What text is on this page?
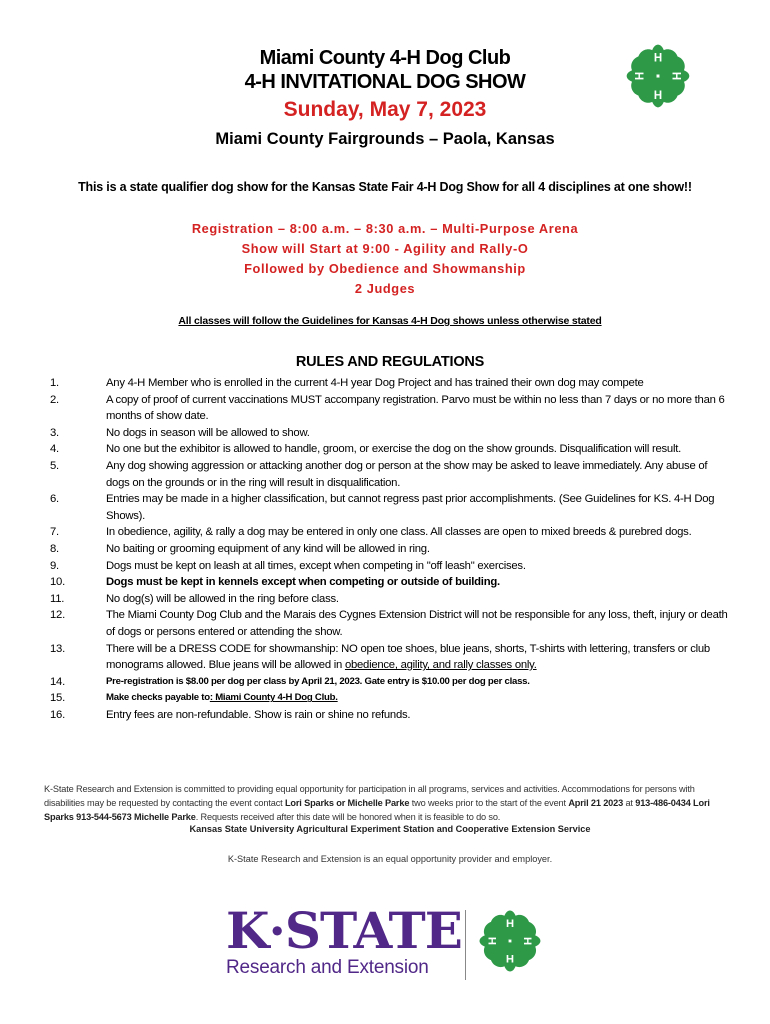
Miami County 4-H Dog Club
4-H INVITATIONAL DOG SHOW
Sunday, May 7, 2023
Miami County Fairgrounds – Paola, Kansas
H
H
H
H
This is a state qualifier dog show for the Kansas State Fair 4-H Dog Show for all 4 disciplines at one show!!
Registration – 8:00 a.m. – 8:30 a.m. – Multi-Purpose Arena
Show will Start at 9:00 - Agility and Rally-O
Followed by Obedience and Showmanship
2 Judges
All classes will follow the Guidelines for Kansas 4-H Dog shows unless otherwise stated
RULES AND REGULATIONS
1.	Any 4-H Member who is enrolled in the current 4-H year Dog Project and has trained their own dog may compete
2.	A copy of proof of current vaccinations MUST accompany registration. Parvo must be within no less than 7 days or no more than 6 months of show date.
3.	No dogs in season will be allowed to show.
4.	No one but the exhibitor is allowed to handle, groom, or exercise the dog on the show grounds. Disqualification will result.
5.	Any dog showing aggression or attacking another dog or person at the show may be asked to leave immediately. Any abuse of dogs on the grounds or in the ring will result in disqualification.
6.	Entries may be made in a higher classification, but cannot regress past prior accomplishments. (See Guidelines for KS. 4-H Dog Shows).
7.	In obedience, agility, & rally a dog may be entered in only one class. All classes are open to mixed breeds & purebred dogs.
8.	No baiting or grooming equipment of any kind will be allowed in ring.
9.	Dogs must be kept on leash at all times, except when competing in "off leash" exercises.
10.	Dogs must be kept in kennels except when competing or outside of building.
11.	No dog(s) will be allowed in the ring before class.
12.	The Miami County Dog Club and the Marais des Cygnes Extension District will not be responsible for any loss, theft, injury or death of dogs or persons entered or attending the show.
13.	There will be a DRESS CODE for showmanship: NO open toe shoes, blue jeans, shorts, T-shirts with lettering, transfers or club monograms allowed. Blue jeans will be allowed in obedience, agility, and rally classes only.
14.	Pre-registration is $8.00 per dog per class by April 21, 2023. Gate entry is $10.00 per dog per class.
15.	Make checks payable to: Miami County 4-H Dog Club.
16.	Entry fees are non-refundable. Show is rain or shine no refunds.
K-State Research and Extension is committed to providing equal opportunity for participation in all programs, services and activities. Accommodations for persons with disabilities may be requested by contacting the event contact Lori Sparks or Michelle Parke two weeks prior to the start of the event April 21 2023 at 913-486-0434 Lori Sparks 913-544-5673 Michelle Parke. Requests received after this date will be honored when it is feasible to do so.
Kansas State University Agricultural Experiment Station and Cooperative Extension Service
K-State Research and Extension is an equal opportunity provider and employer.
K·STATE
Research and Extension
H
H
H
H
